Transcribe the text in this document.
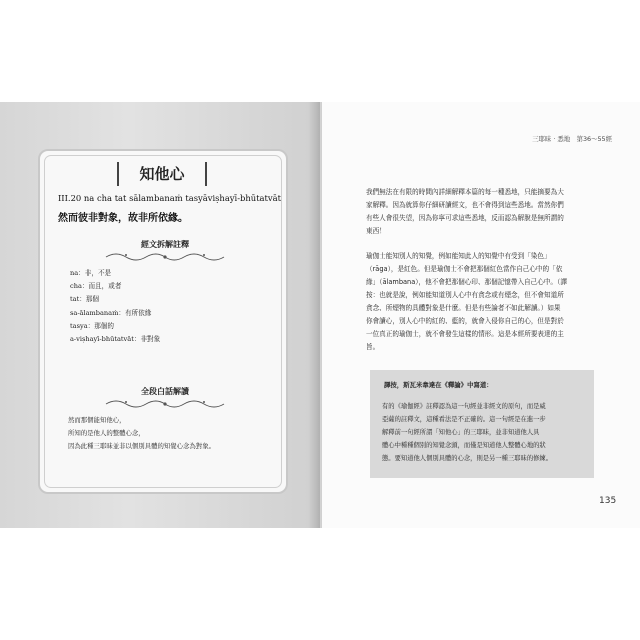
知他心
III.20 na cha tat sālambanaṁ tasyāviṣhayī-bhūtatvāt
然而彼非對象，故非所依緣。
經文拆解註釋
na：非，不是
cha：而且，或者
tat：那個
sa-ālambanaṁ：有所依緣
tasya：那個的
a-viṣhayī-bhūtatvāt：非對象
全段白話解讀
然而那個能知他心，
所知的是他人的整體心念，
因為此種三耶昧並非以個別具體的知覺心念為對象。
三耶昧 · 悉地　第36～55經
我們無法在有限的時間內詳細解釋本篇的每一種悉地，只能摘要為大
家解釋。因為就算你仔細研讀經文，也不會得到這些悉地。當然你們
有些人會很失望，因為你寧可求這些悉地，反而認為解脫是無所謂的
東西！
瑜伽士能知別人的知覺，例如能知此人的知覺中有受到「染色」
（rāga），是紅色。但是瑜伽士不會把那個紅色當作自己心中的「依
緣」（ālambana），他不會把那個心印、那個記憶帶入自己心中。（譯
按：也就是說，例如能知道別人心中有貪念或有煙念，但不會知道所
貪念、所煙物的具體對象是什麼。但是有些論者不如此解讀。）如果
你會讀心，別人心中的紅的、藍的，就會入侵你自己的心，但是對於
一位真正的瑜伽士，就不會發生這樣的情形。這是本經所要表達的主
旨。
譯按，斯瓦米韋達在《釋論》中寫道：
有的《瑜伽經》註釋認為這一句經並非經文的原句，而是威
亞薩的註釋文，這種看法是不正確的。這一句經是在進一步
解釋前一句經所謂「知他心」的三耶昧，並非知道他人具
體心中種種個別的知覺念頭，而僅是知道他人整體心地的狀
態。要知道他人個別具體的心念，則是另一種三耶昧的修練。
135
